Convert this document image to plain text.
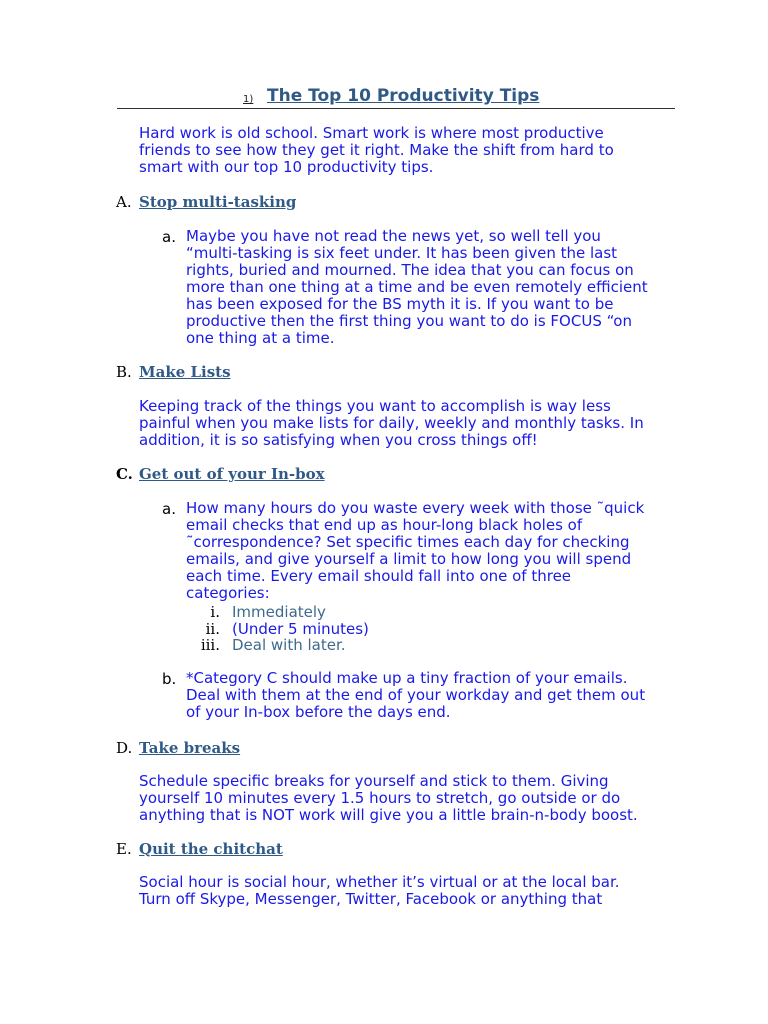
1) The Top 10 Productivity Tips
Hard work is old school. Smart work is where most productive
friends to see how they get it right. Make the shift from hard to
smart with our top 10 productivity tips.
A. Stop multi-tasking
a. Maybe you have not read the news yet, so well tell you
“multi-tasking is six feet under. It has been given the last
rights, buried and mourned. The idea that you can focus on
more than one thing at a time and be even remotely efficient
has been exposed for the BS myth it is. If you want to be
productive then the first thing you want to do is FOCUS “on
one thing at a time.
B. Make Lists
Keeping track of the things you want to accomplish is way less
painful when you make lists for daily, weekly and monthly tasks. In
addition, it is so satisfying when you cross things off!
C. Get out of your In-box
a. How many hours do you waste every week with those ˜quick
email checks that end up as hour-long black holes of
˜correspondence? Set specific times each day for checking
emails, and give yourself a limit to how long you will spend
each time. Every email should fall into one of three
categories:
i. Immediately
ii. (Under 5 minutes)
iii. Deal with later.
b. *Category C should make up a tiny fraction of your emails.
Deal with them at the end of your workday and get them out
of your In-box before the days end.
D. Take breaks
Schedule specific breaks for yourself and stick to them. Giving
yourself 10 minutes every 1.5 hours to stretch, go outside or do
anything that is NOT work will give you a little brain-n-body boost.
E. Quit the chitchat
Social hour is social hour, whether it’s virtual or at the local bar.
Turn off Skype, Messenger, Twitter, Facebook or anything that
